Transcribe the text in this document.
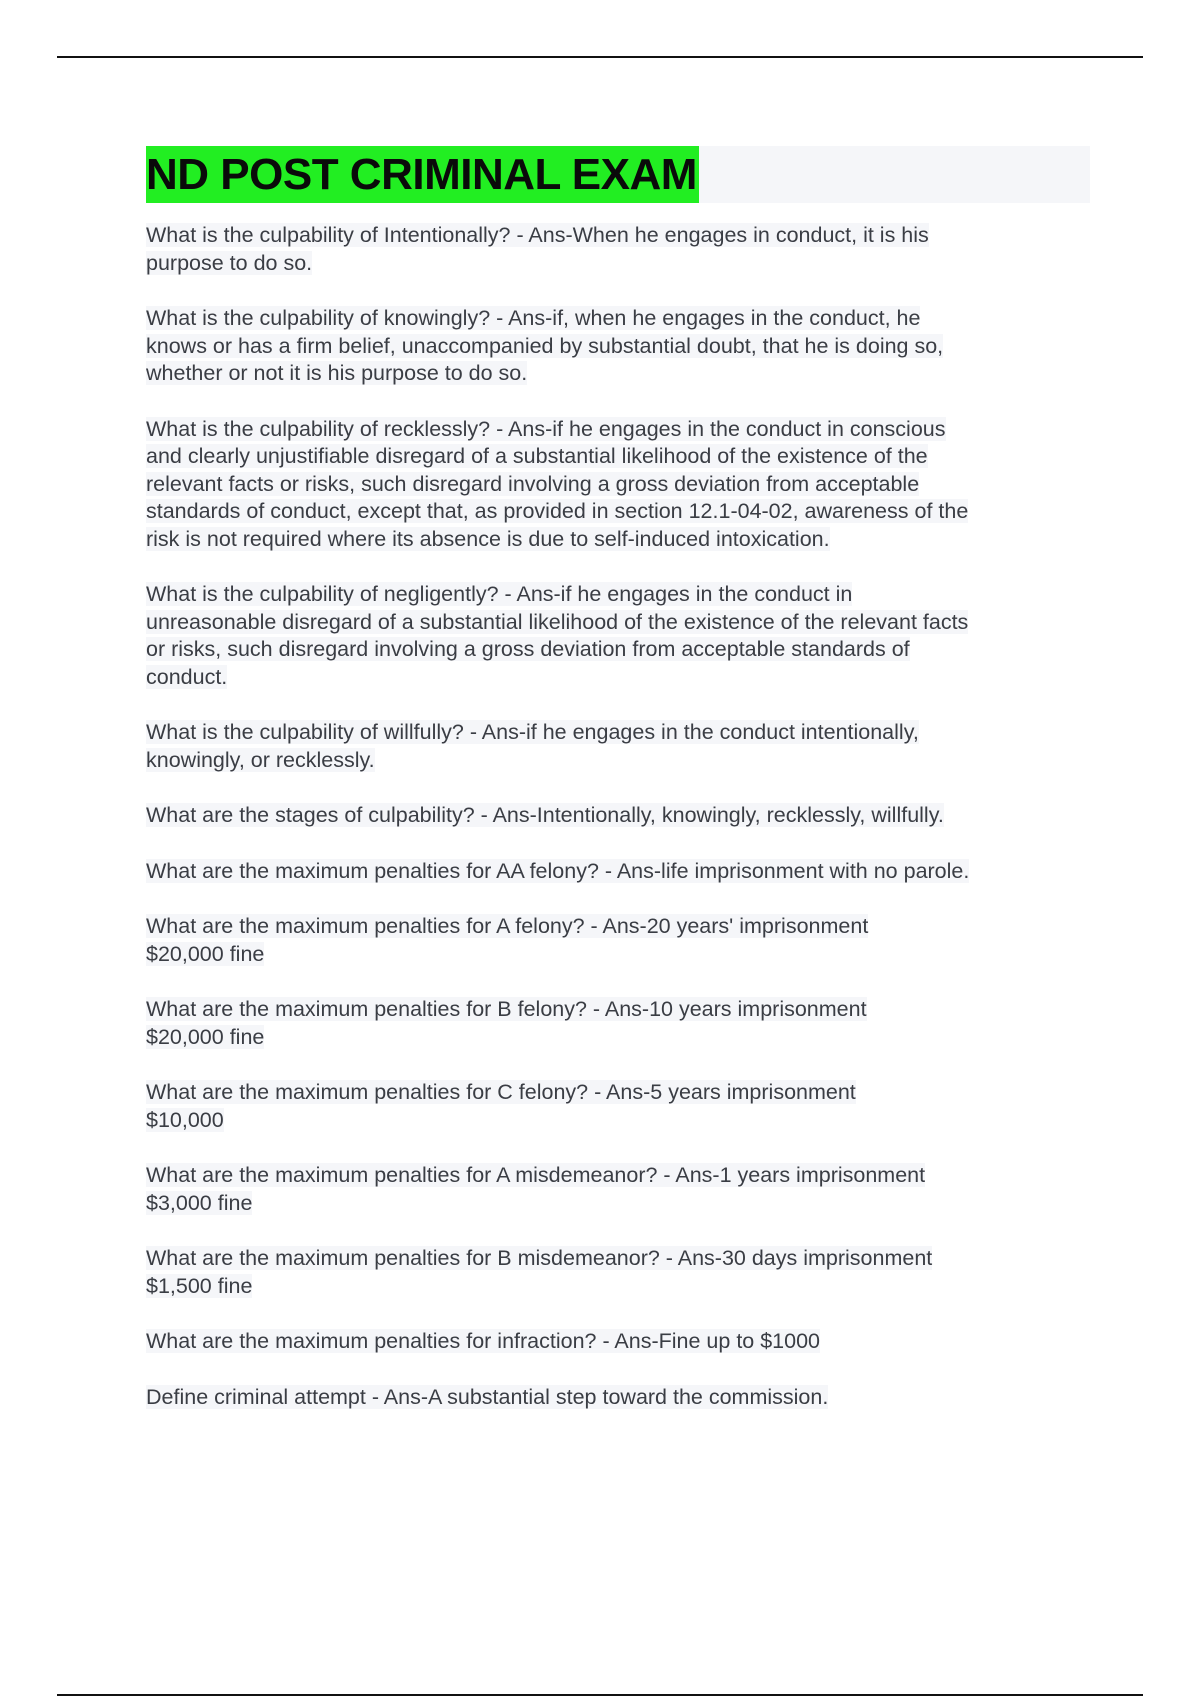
ND POST CRIMINAL EXAM
What is the culpability of Intentionally? - Ans-When he engages in conduct, it is his
purpose to do so.
What is the culpability of knowingly? - Ans-if, when he engages in the conduct, he
knows or has a firm belief, unaccompanied by substantial doubt, that he is doing so,
whether or not it is his purpose to do so.
What is the culpability of recklessly? - Ans-if he engages in the conduct in conscious
and clearly unjustifiable disregard of a substantial likelihood of the existence of the
relevant facts or risks, such disregard involving a gross deviation from acceptable
standards of conduct, except that, as provided in section 12.1-04-02, awareness of the
risk is not required where its absence is due to self-induced intoxication.
What is the culpability of negligently? - Ans-if he engages in the conduct in
unreasonable disregard of a substantial likelihood of the existence of the relevant facts
or risks, such disregard involving a gross deviation from acceptable standards of
conduct.
What is the culpability of willfully? - Ans-if he engages in the conduct intentionally,
knowingly, or recklessly.
What are the stages of culpability? - Ans-Intentionally, knowingly, recklessly, willfully.
What are the maximum penalties for AA felony? - Ans-life imprisonment with no parole.
What are the maximum penalties for A felony? - Ans-20 years' imprisonment
$20,000 fine
What are the maximum penalties for B felony? - Ans-10 years imprisonment
$20,000 fine
What are the maximum penalties for C felony? - Ans-5 years imprisonment
$10,000
What are the maximum penalties for A misdemeanor? - Ans-1 years imprisonment
$3,000 fine
What are the maximum penalties for B misdemeanor? - Ans-30 days imprisonment
$1,500 fine
What are the maximum penalties for infraction? - Ans-Fine up to $1000
Define criminal attempt - Ans-A substantial step toward the commission.
